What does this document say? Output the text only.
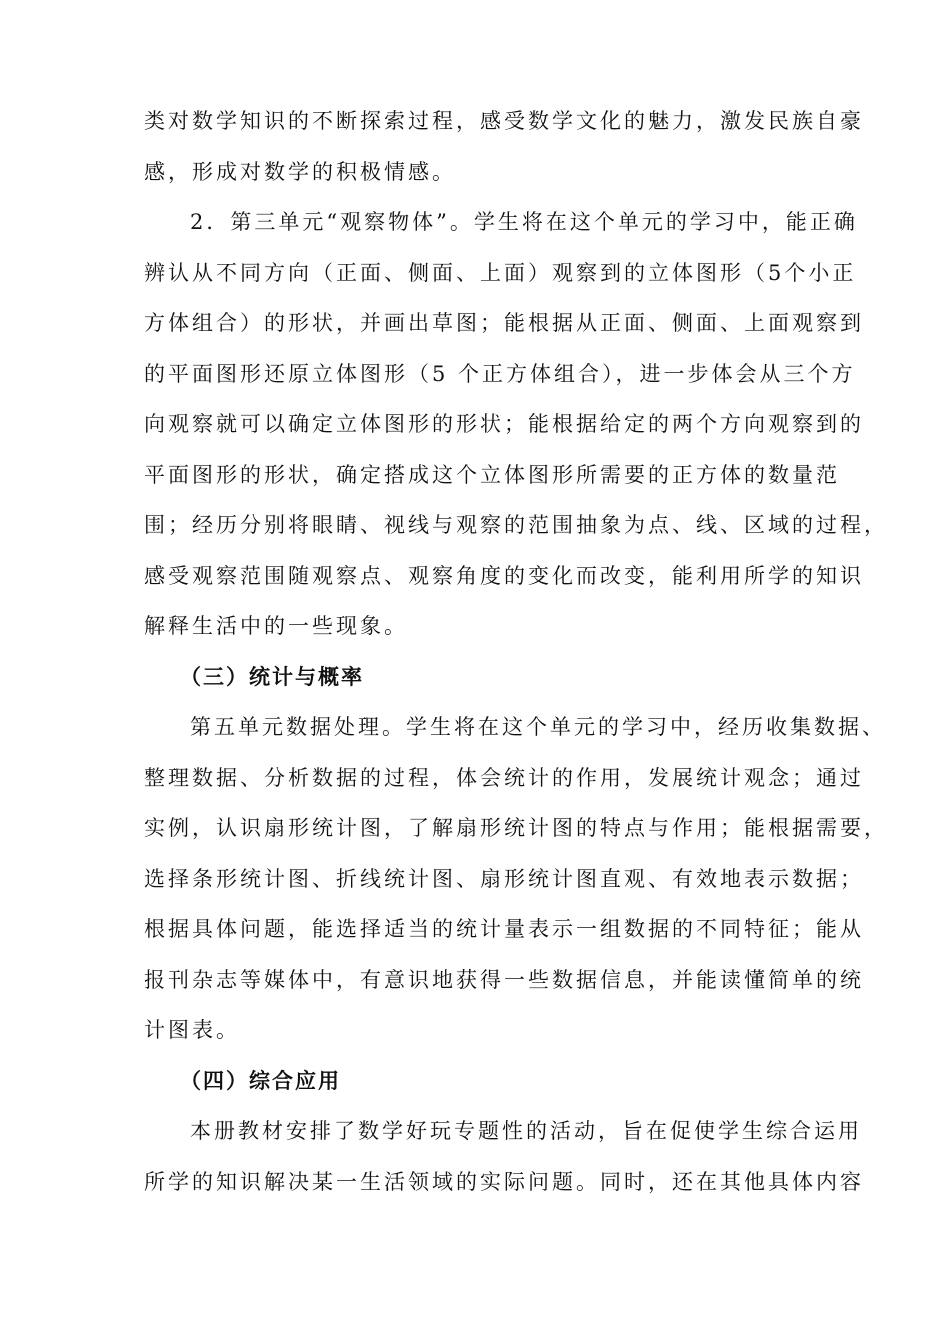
类对数学知识的不断探索过程，感受数学文化的魅力，激发民族自豪
感，形成对数学的积极情感。
2．第三单元“观察物体”。学生将在这个单元的学习中，能正确
辨认从不同方向（正面、侧面、上面）观察到的立体图形（5个小正
方体组合）的形状，并画出草图；能根据从正面、侧面、上面观察到
的平面图形还原立体图形（5 个正方体组合），进一步体会从三个方
向观察就可以确定立体图形的形状；能根据给定的两个方向观察到的
平面图形的形状，确定搭成这个立体图形所需要的正方体的数量范
围；经历分别将眼睛、视线与观察的范围抽象为点、线、区域的过程，
感受观察范围随观察点、观察角度的变化而改变，能利用所学的知识
解释生活中的一些现象。
（三）统计与概率
第五单元数据处理。学生将在这个单元的学习中，经历收集数据、
整理数据、分析数据的过程，体会统计的作用，发展统计观念；通过
实例，认识扇形统计图，了解扇形统计图的特点与作用；能根据需要，
选择条形统计图、折线统计图、扇形统计图直观、有效地表示数据；
根据具体问题，能选择适当的统计量表示一组数据的不同特征；能从
报刊杂志等媒体中，有意识地获得一些数据信息，并能读懂简单的统
计图表。
（四）综合应用
本册教材安排了数学好玩专题性的活动，旨在促使学生综合运用
所学的知识解决某一生活领域的实际问题。同时，还在其他具体内容
